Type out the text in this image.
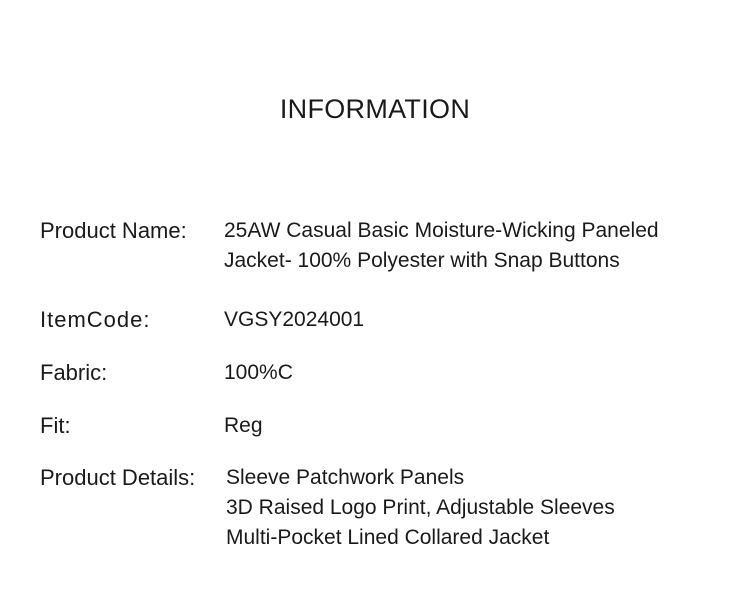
INFORMATION
Product Name: 25AW Casual Basic Moisture-Wicking Paneled
Jacket- 100% Polyester with Snap Buttons
ItemCode:	VGSY2024001
Fabric:	100%C
Fit:	Reg
Product Details: Sleeve Patchwork Panels
3D Raised Logo Print, Adjustable Sleeves
Multi-Pocket Lined Collared Jacket
